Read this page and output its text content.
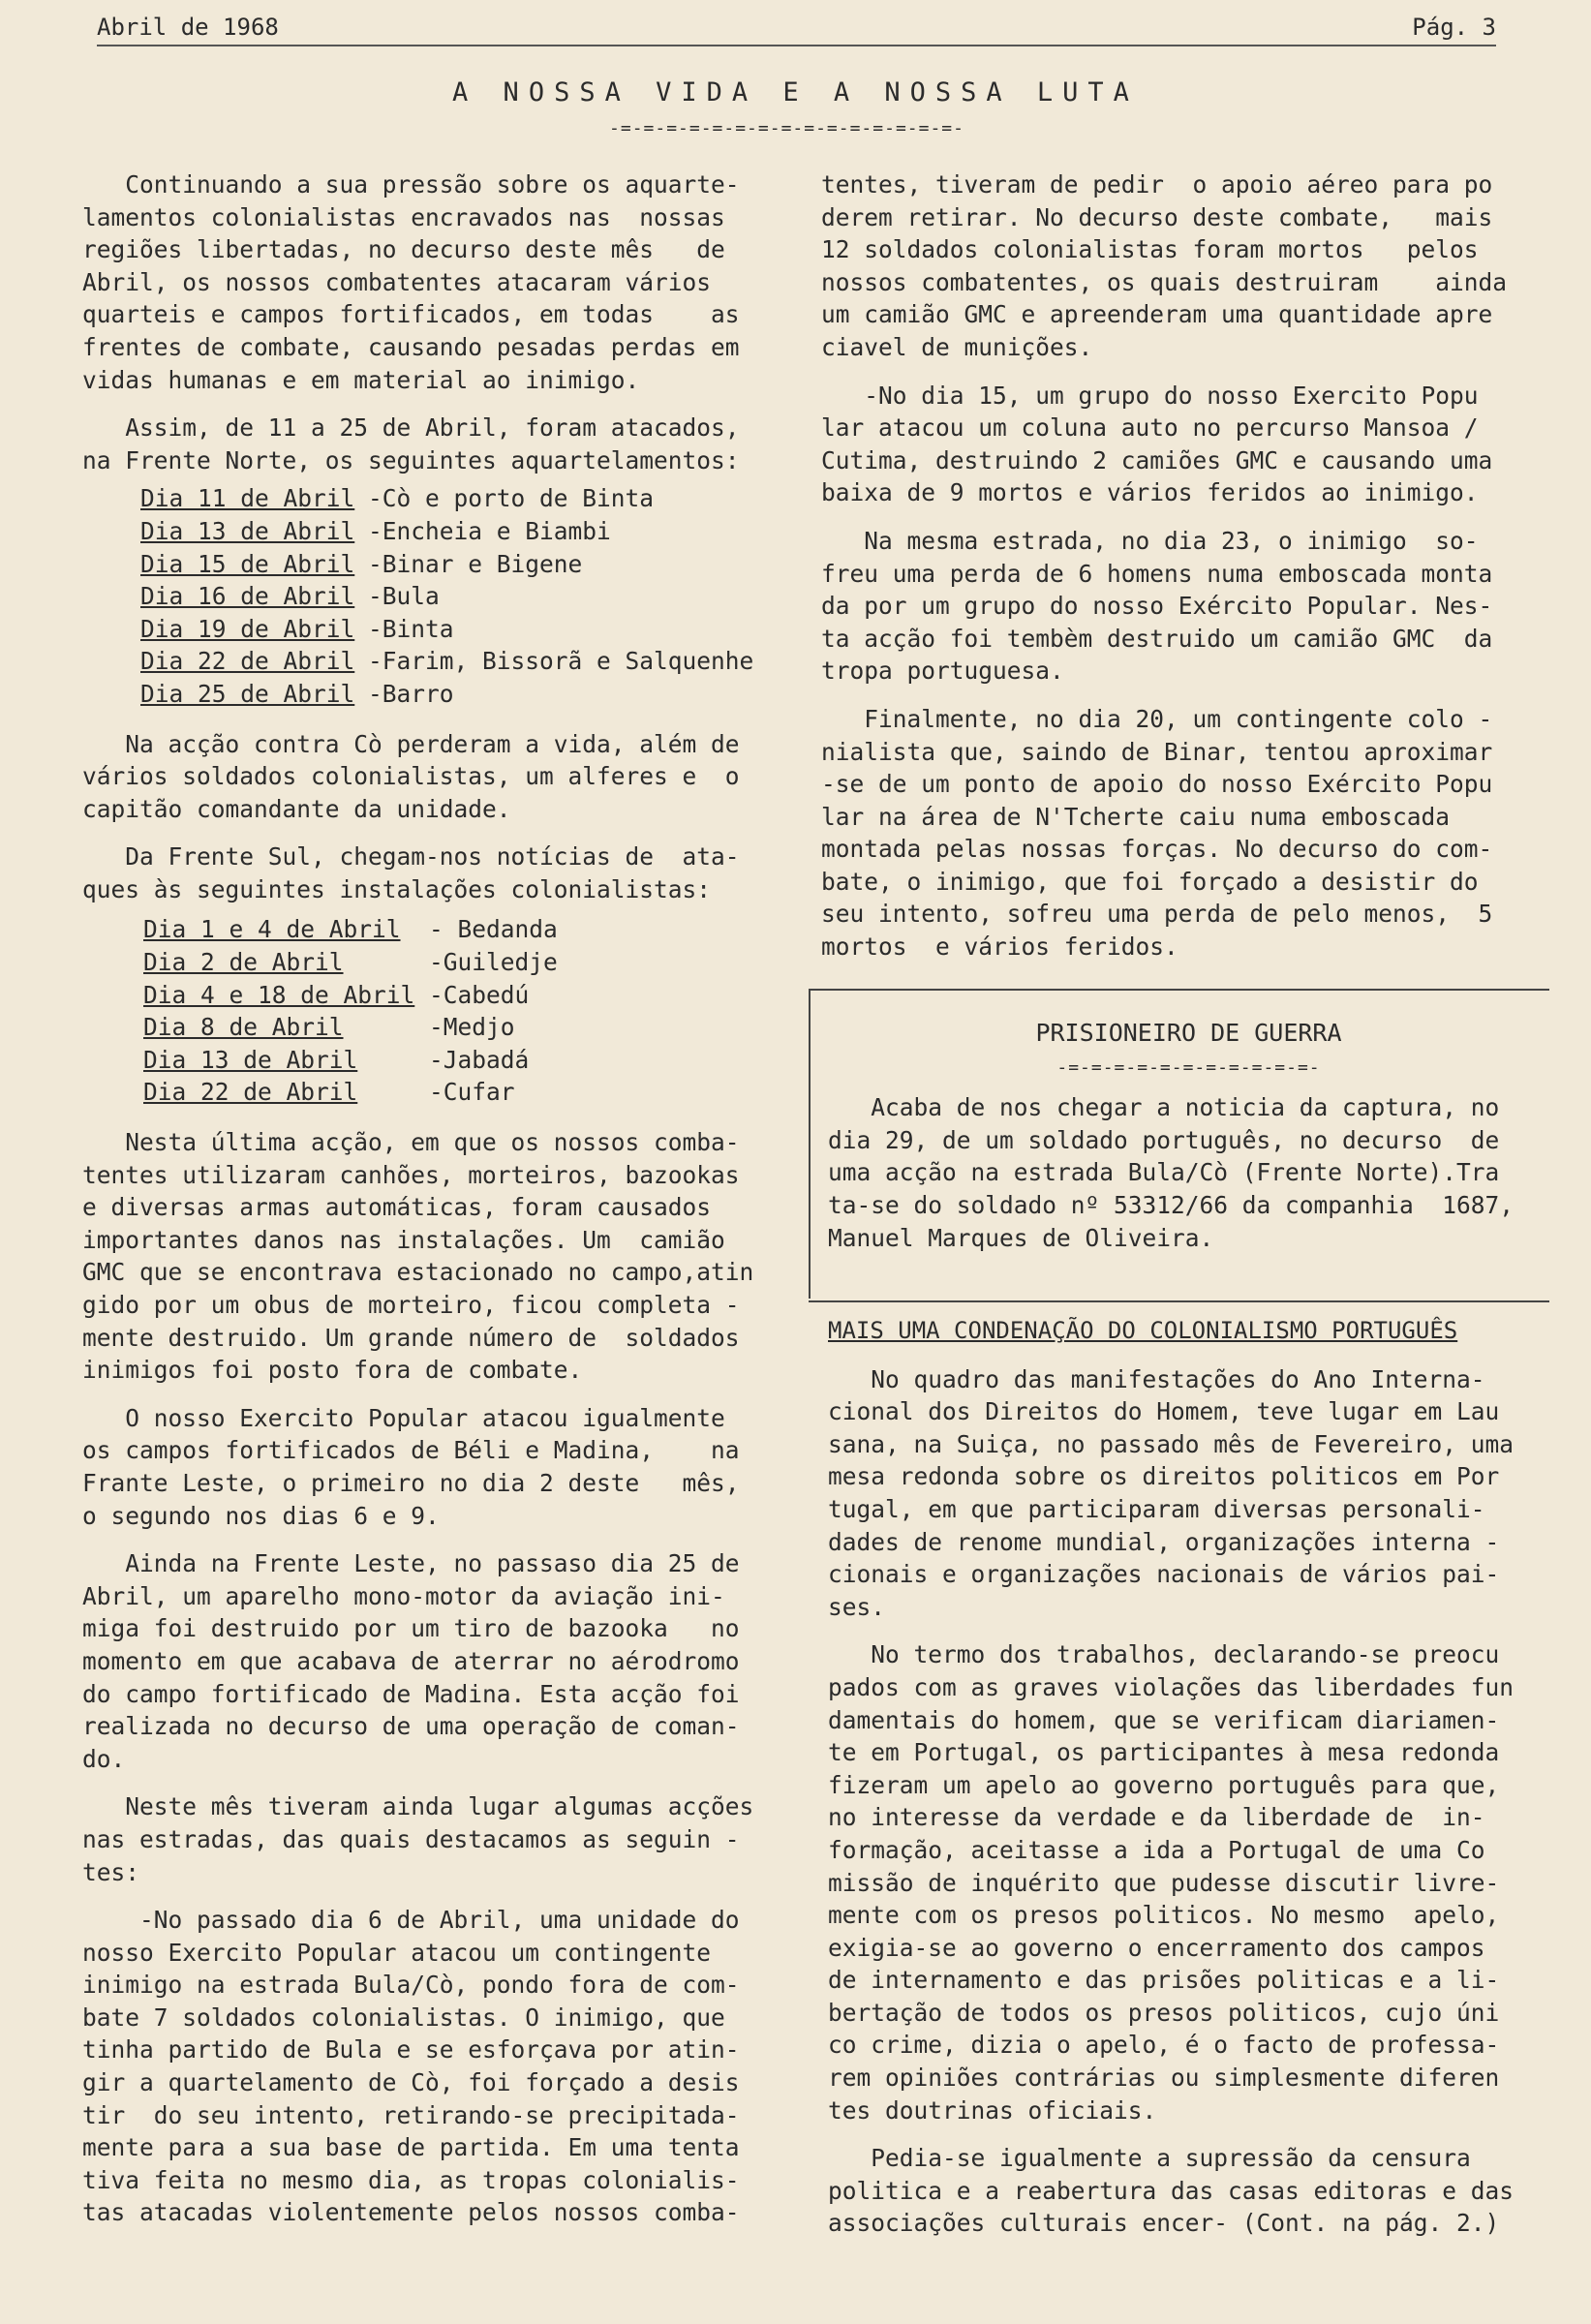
Abril de 1968	Pág. 3
A NOSSA VIDA E A NOSSA LUTA
-=-=-=-=-=-=-=-=-=-=-=-=-=-=-=-

Continuando a sua pressão sobre os aquarte-
lamentos colonialistas encravados nas  nossas
regiões libertadas, no decurso deste mês   de
Abril, os nossos combatentes atacaram vários
quarteis e campos fortificados, em todas    as
frentes de combate, causando pesadas perdas em
vidas humanas e em material ao inimigo.

Assim, de 11 a 25 de Abril, foram atacados,
na Frente Norte, os seguintes aquartelamentos:

Dia 11 de Abril -Cò e porto de Binta
Dia 13 de Abril -Encheia e Biambi
Dia 15 de Abril -Binar e Bigene
Dia 16 de Abril -Bula
Dia 19 de Abril -Binta
Dia 22 de Abril -Farim, Bissorã e Salquenhe
Dia 25 de Abril -Barro

Na acção contra Cò perderam a vida, além de
vários soldados colonialistas, um alferes e  o
capitão comandante da unidade.

Da Frente Sul, chegam-nos notícias de  ata-
ques às seguintes instalações colonialistas:

Dia 1 e 4 de Abril - Bedanda
Dia 2 de Abril	-Guiledje
Dia 4 e 18 de Abril -Cabedú
Dia 8 de Abril	-Medjo
Dia 13 de Abril	-Jabadá
Dia 22 de Abril	-Cufar

Nesta última acção, em que os nossos comba-
tentes utilizaram canhões, morteiros, bazookas
e diversas armas automáticas, foram causados
importantes danos nas instalações. Um  camião
GMC que se encontrava estacionado no campo,atin
gido por um obus de morteiro, ficou completa -
mente destruido. Um grande número de  soldados
inimigos foi posto fora de combate.

O nosso Exercito Popular atacou igualmente
os campos fortificados de Béli e Madina,    na
Frante Leste, o primeiro no dia 2 deste   mês,
o segundo nos dias 6 e 9.

Ainda na Frente Leste, no passaso dia 25 de
Abril, um aparelho mono-motor da aviação ini-
miga foi destruido por um tiro de bazooka   no
momento em que acabava de aterrar no aérodromo
do campo fortificado de Madina. Esta acção foi
realizada no decurso de uma operação de coman-
do.

Neste mês tiveram ainda lugar algumas acções
nas estradas, das quais destacamos as seguin -
tes:

-No passado dia 6 de Abril, uma unidade do
nosso Exercito Popular atacou um contingente
inimigo na estrada Bula/Cò, pondo fora de com-
bate 7 soldados colonialistas. O inimigo, que
tinha partido de Bula e se esforçava por atin-
gir a quartelamento de Cò, foi forçado a desis
tir  do seu intento, retirando-se precipitada-
mente para a sua base de partida. Em uma tenta
tiva feita no mesmo dia, as tropas colonialis-
tas atacadas violentemente pelos nossos comba-

tentes, tiveram de pedir  o apoio aéreo para po
derem retirar. No decurso deste combate,   mais
12 soldados colonialistas foram mortos   pelos
nossos combatentes, os quais destruiram    ainda
um camião GMC e apreenderam uma quantidade apre
ciavel de munições.

-No dia 15, um grupo do nosso Exercito Popu
lar atacou um coluna auto no percurso Mansoa /
Cutima, destruindo 2 camiões GMC e causando uma
baixa de 9 mortos e vários feridos ao inimigo.

Na mesma estrada, no dia 23, o inimigo  so-
freu uma perda de 6 homens numa emboscada monta
da por um grupo do nosso Exército Popular. Nes-
ta acção foi tembèm destruido um camião GMC  da
tropa portuguesa.

Finalmente, no dia 20, um contingente colo -
nialista que, saindo de Binar, tentou aproximar
-se de um ponto de apoio do nosso Exército Popu
lar na área de N'Tcherte caiu numa emboscada
montada pelas nossas forças. No decurso do com-
bate, o inimigo, que foi forçado a desistir do
seu intento, sofreu uma perda de pelo menos,  5
mortos  e vários feridos.

PRISIONEIRO DE GUERRA
-=-=-=-=-=-=-=-=-=-=-=-

Acaba de nos chegar a noticia da captura, no
dia 29, de um soldado português, no decurso  de
uma acção na estrada Bula/Cò (Frente Norte).Tra
ta-se do soldado nº 53312/66 da companhia  1687,
Manuel Marques de Oliveira.

MAIS UMA CONDENAÇÃO DO COLONIALISMO PORTUGUÊS

No quadro das manifestações do Ano Interna-
cional dos Direitos do Homem, teve lugar em Lau
sana, na Suiça, no passado mês de Fevereiro, uma
mesa redonda sobre os direitos politicos em Por
tugal, em que participaram diversas personali-
dades de renome mundial, organizações interna -
cionais e organizações nacionais de vários pai-
ses.

No termo dos trabalhos, declarando-se preocu
pados com as graves violações das liberdades fun
damentais do homem, que se verificam diariamen-
te em Portugal, os participantes à mesa redonda
fizeram um apelo ao governo português para que,
no interesse da verdade e da liberdade de  in-
formação, aceitasse a ida a Portugal de uma Co
missão de inquérito que pudesse discutir livre-
mente com os presos politicos. No mesmo  apelo,
exigia-se ao governo o encerramento dos campos
de internamento e das prisões politicas e a li-
bertação de todos os presos politicos, cujo úni
co crime, dizia o apelo, é o facto de professa-
rem opiniões contrárias ou simplesmente diferen
tes doutrinas oficiais.

Pedia-se igualmente a supressão da censura
politica e a reabertura das casas editoras e das
associações culturais encer- (Cont. na pág. 2.)
